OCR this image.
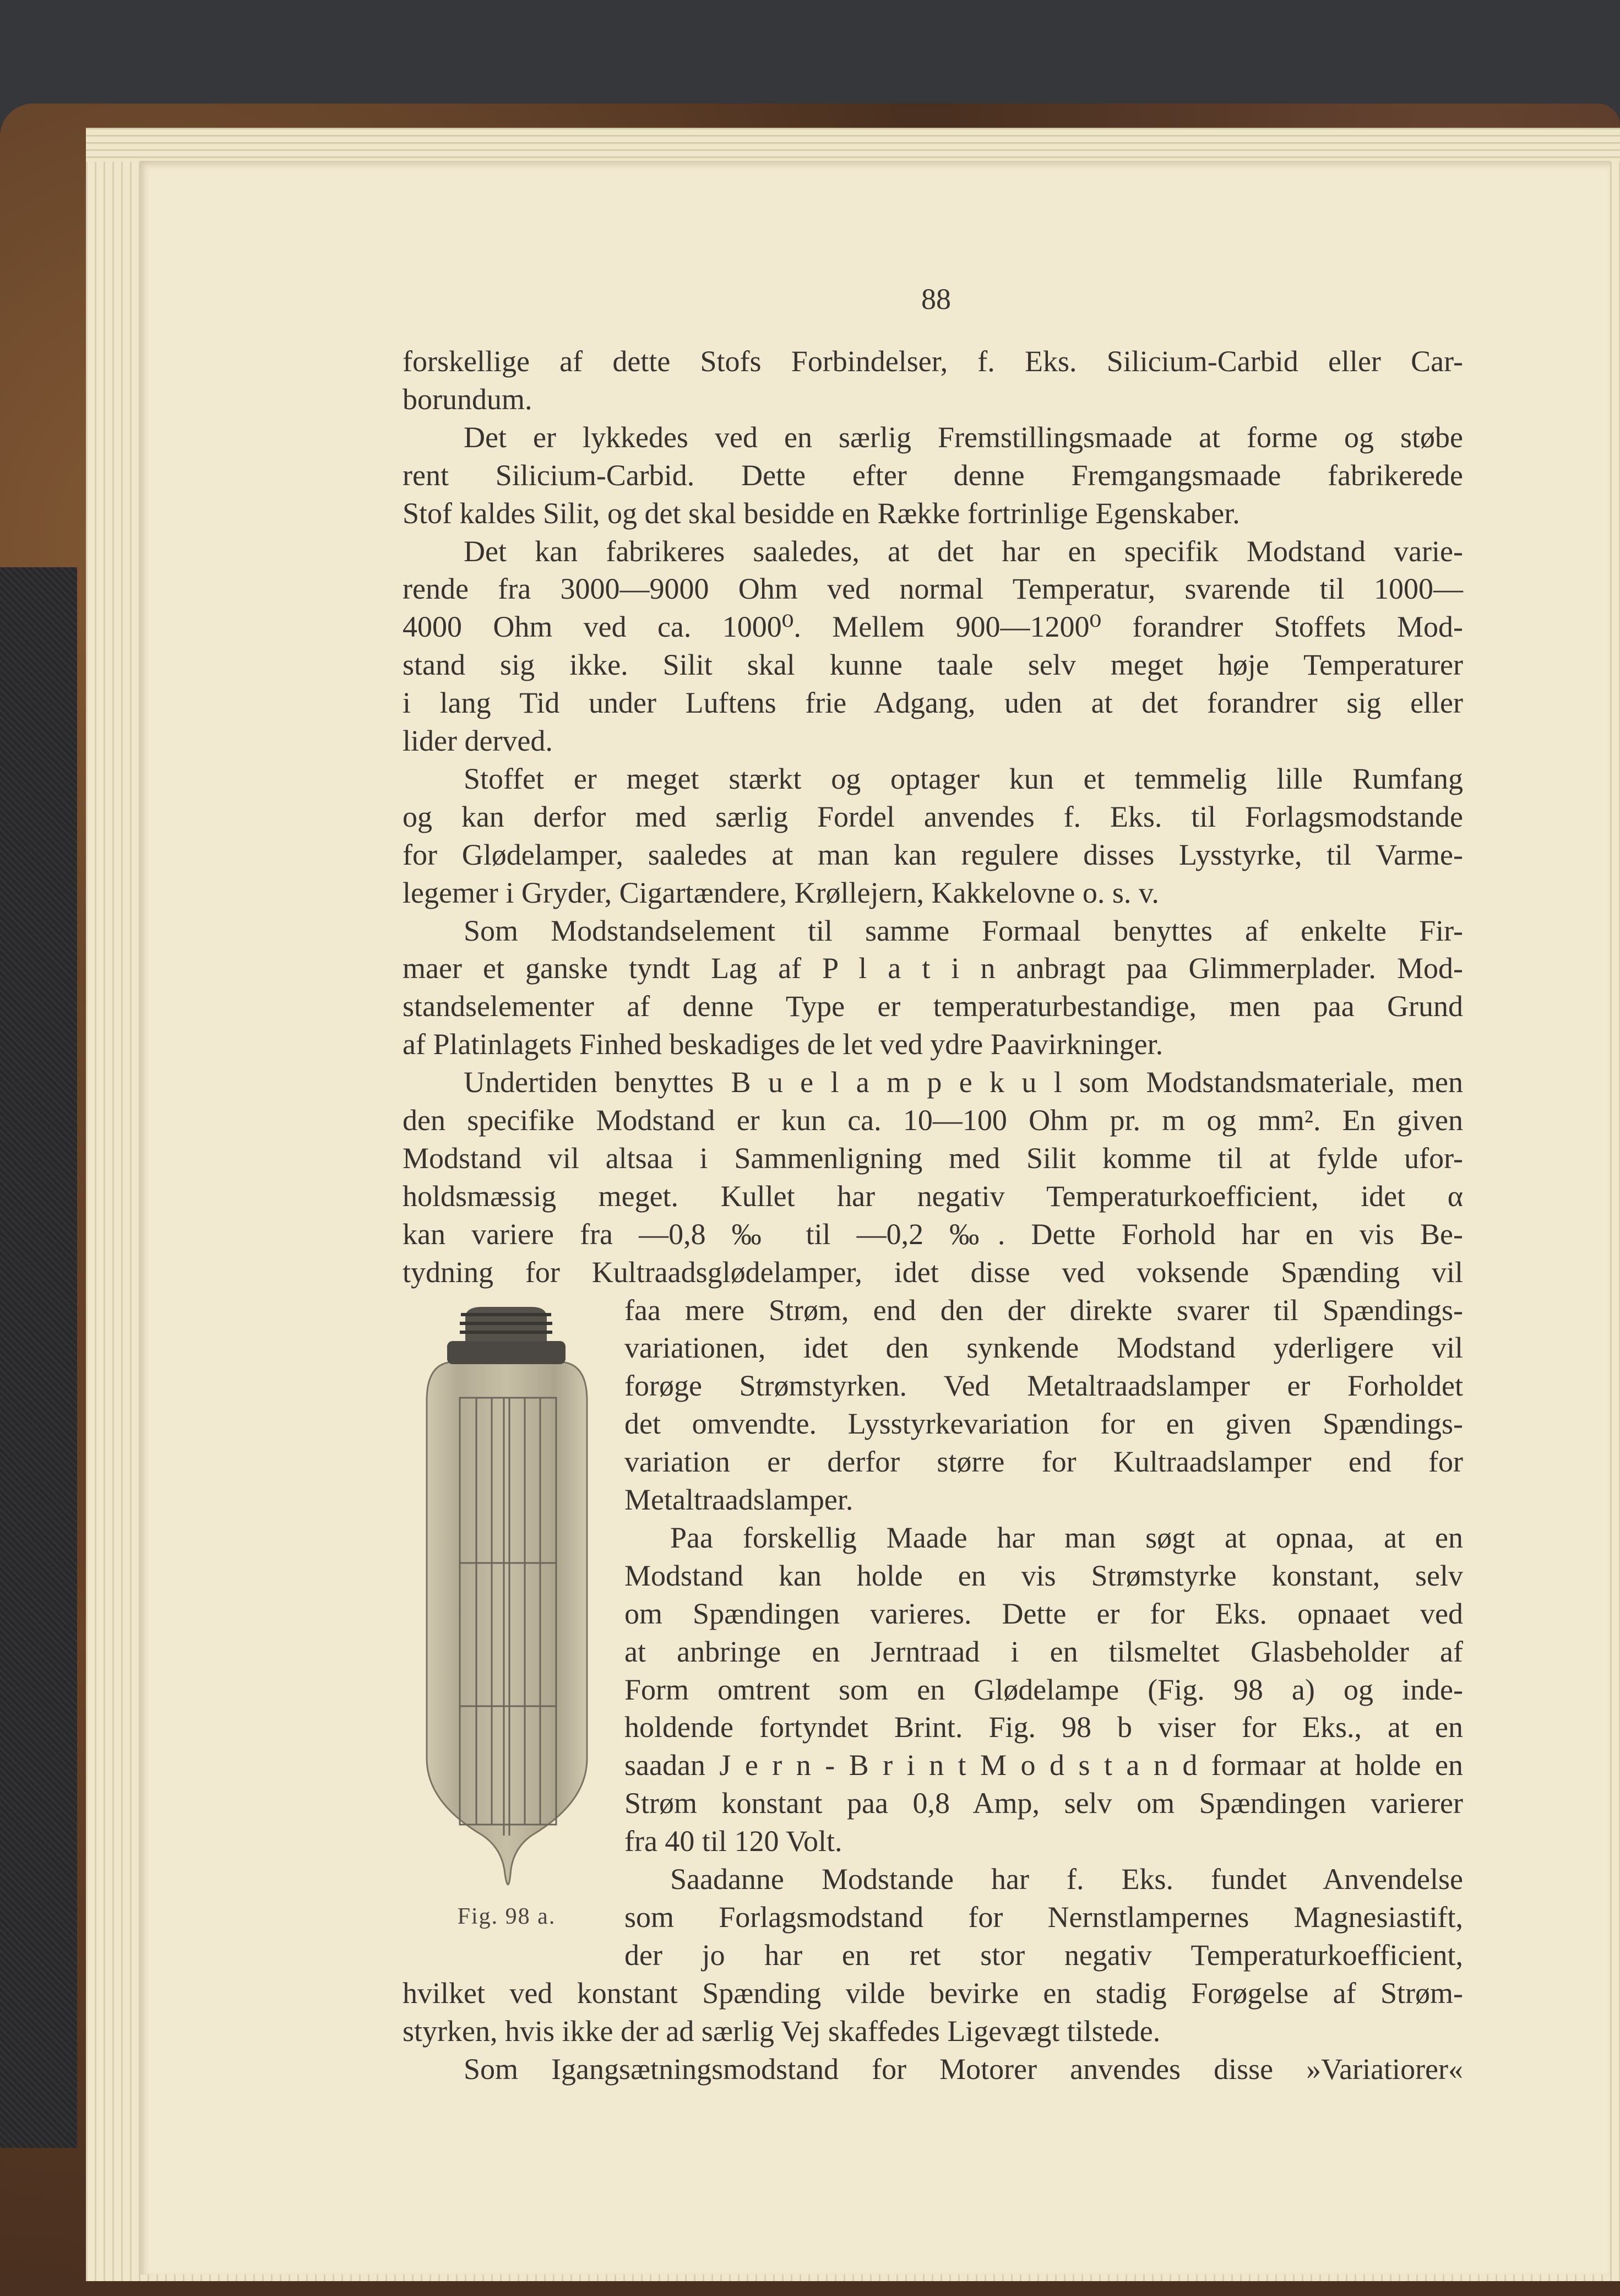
88
forskellige af dette Stofs Forbindelser, f. Eks. Silicium-Carbid eller Car-
borundum.
Det er lykkedes ved en særlig Fremstillingsmaade at forme og støbe
rent Silicium-Carbid. Dette efter denne Fremgangsmaade fabrikerede
Stof kaldes Silit, og det skal besidde en Række fortrinlige Egenskaber.
Det kan fabrikeres saaledes, at det har en specifik Modstand varie-
rende fra 3000—9000 Ohm ved normal Temperatur, svarende til 1000—
4000 Ohm ved ca. 1000⁰. Mellem 900—1200⁰ forandrer Stoffets Mod-
stand sig ikke. Silit skal kunne taale selv meget høje Temperaturer
i lang Tid under Luftens frie Adgang, uden at det forandrer sig eller
lider derved.
Stoffet er meget stærkt og optager kun et temmelig lille Rumfang
og kan derfor med særlig Fordel anvendes f. Eks. til Forlagsmodstande
for Glødelamper, saaledes at man kan regulere disses Lysstyrke, til Varme-
legemer i Gryder, Cigartændere, Krøllejern, Kakkelovne o. s. v.
Som Modstandselement til samme Formaal benyttes af enkelte Fir-
maer et ganske tyndt Lag af P l a t i n anbragt paa Glimmerplader. Mod-
standselementer af denne Type er temperaturbestandige, men paa Grund
af Platinlagets Finhed beskadiges de let ved ydre Paavirkninger.
Undertiden benyttes B u e l a m p e k u l som Modstandsmateriale, men
den specifike Modstand er kun ca. 10—100 Ohm pr. m og mm². En given
Modstand vil altsaa i Sammenligning med Silit komme til at fylde ufor-
holdsmæssig meget. Kullet har negativ Temperaturkoefficient, idet α
kan variere fra —0,8 ‰ til —0,2 ‰. Dette Forhold har en vis Be-
tydning for Kultraadsglødelamper, idet disse ved voksende Spænding vil
faa mere Strøm, end den der direkte svarer til Spændings-
variationen, idet den synkende Modstand yderligere vil
forøge Strømstyrken. Ved Metaltraadslamper er Forholdet
det omvendte. Lysstyrkevariation for en given Spændings-
variation er derfor større for Kultraadslamper end for
Metaltraadslamper.
Paa forskellig Maade har man søgt at opnaa, at en
Modstand kan holde en vis Strømstyrke konstant, selv
om Spændingen varieres. Dette er for Eks. opnaaet ved
at anbringe en Jerntraad i en tilsmeltet Glasbeholder af
Form omtrent som en Glødelampe (Fig. 98 a) og inde-
holdende fortyndet Brint. Fig. 98 b viser for Eks., at en
saadan J e r n - B r i n t M o d s t a n d formaar at holde en
Strøm konstant paa 0,8 Amp, selv om Spændingen varierer
fra 40 til 120 Volt.
Saadanne Modstande har f. Eks. fundet Anvendelse
som Forlagsmodstand for Nernstlampernes Magnesiastift,
der jo har en ret stor negativ Temperaturkoefficient,
hvilket ved konstant Spænding vilde bevirke en stadig Forøgelse af Strøm-
styrken, hvis ikke der ad særlig Vej skaffedes Ligevægt tilstede.
Som Igangsætningsmodstand for Motorer anvendes disse »Variatiorer«
Fig. 98 a.
